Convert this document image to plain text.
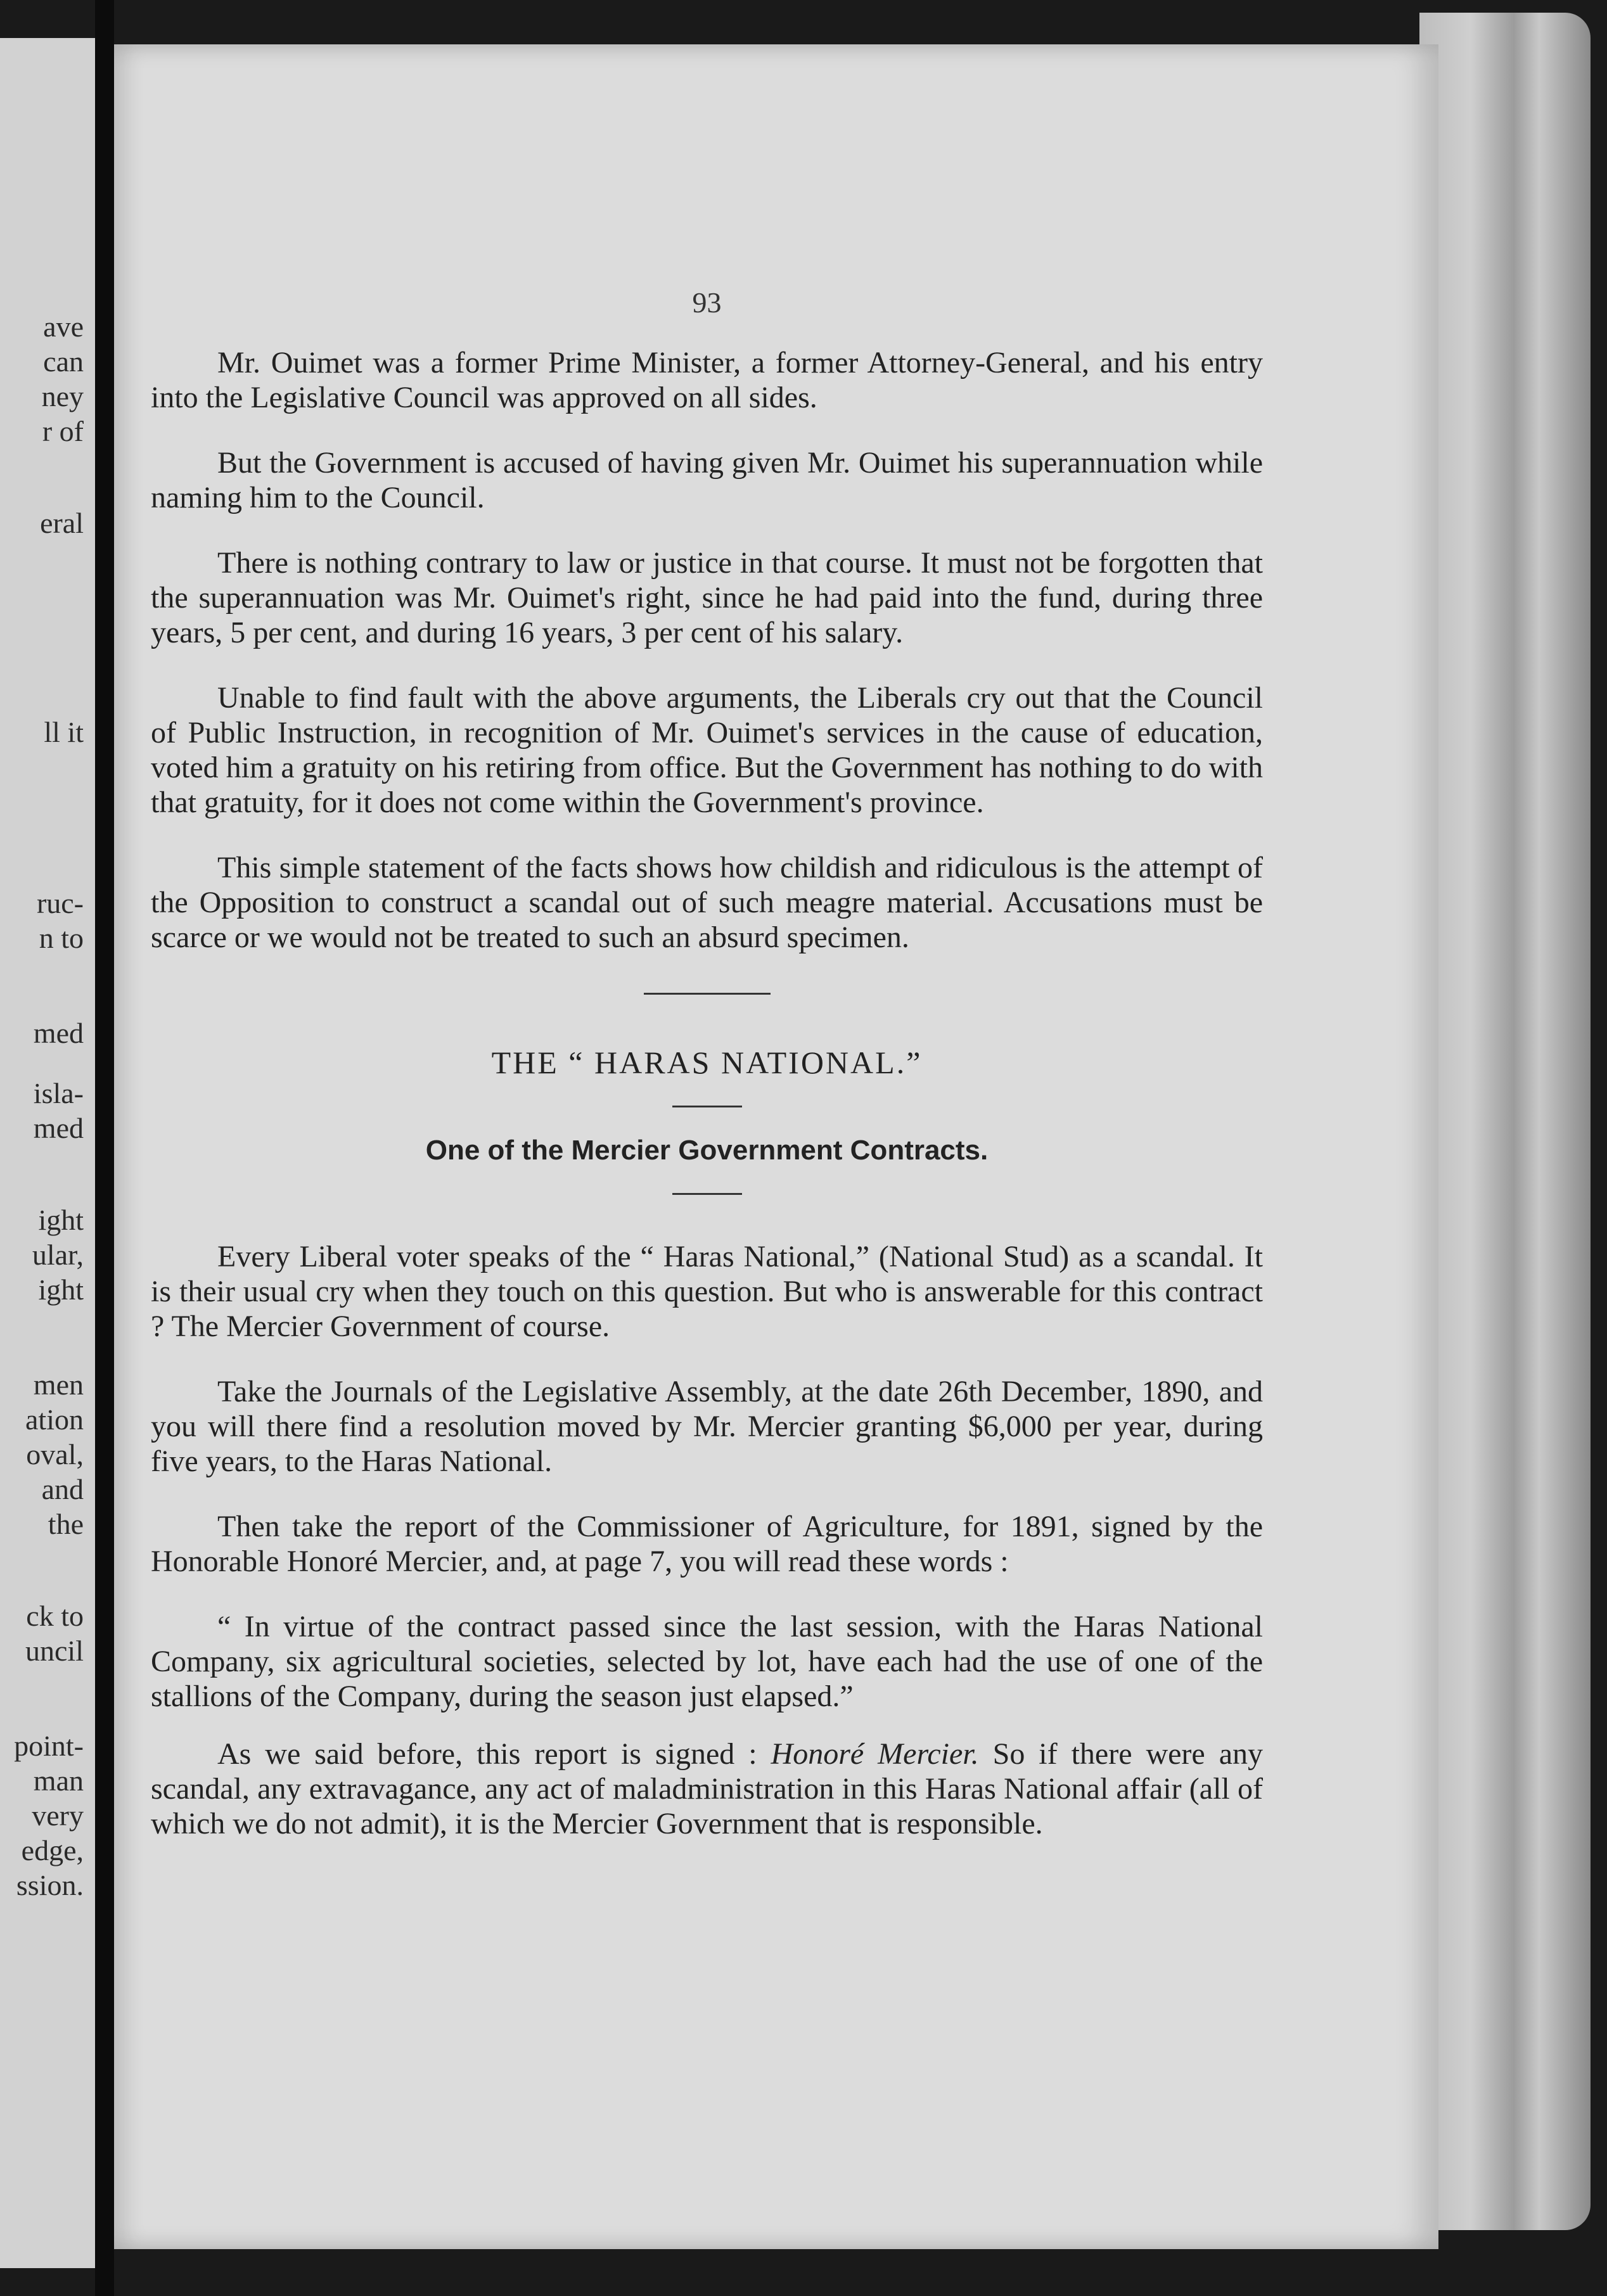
ave
can
ney
r of
eral
ll it
ruc-
n to
med
isla-
med
ight
ular,
ight
men
ation
oval,
and
the
ck to
uncil
point-
man
very
edge,
ssion.
93

Mr. Ouimet was a former Prime Minister, a former Attorney-General, and his entry into the Legislative Council was approved on all sides.

But the Government is accused of having given Mr. Ouimet his superannuation while naming him to the Council.

There is nothing contrary to law or justice in that course. It must not be forgotten that the superannuation was Mr. Ouimet's right, since he had paid into the fund, during three years, 5 per cent, and during 16 years, 3 per cent of his salary.

Unable to find fault with the above arguments, the Liberals cry out that the Council of Public Instruction, in recognition of Mr. Ouimet's services in the cause of education, voted him a gratuity on his retiring from office. But the Government has nothing to do with that gratuity, for it does not come within the Government's province.

This simple statement of the facts shows how childish and ridiculous is the attempt of the Opposition to construct a scandal out of such meagre material. Accusations must be scarce or we would not be treated to such an absurd specimen.

THE “ HARAS NATIONAL.”
One of the Mercier Government Contracts.

Every Liberal voter speaks of the “ Haras National,” (National Stud) as a scandal. It is their usual cry when they touch on this question. But who is answerable for this contract ? The Mercier Government of course.

Take the Journals of the Legislative Assembly, at the date 26th December, 1890, and you will there find a resolution moved by Mr. Mercier granting $6,000 per year, during five years, to the Haras National.

Then take the report of the Commissioner of Agriculture, for 1891, signed by the Honorable Honoré Mercier, and, at page 7, you will read these words :

“ In virtue of the contract passed since the last session, with the Haras National Company, six agricultural societies, selected by lot, have each had the use of one of the stallions of the Company, during the season just elapsed.”

As we said before, this report is signed : Honoré Mercier. So if there were any scandal, any extravagance, any act of maladministration in this Haras National affair (all of which we do not admit), it is the Mercier Government that is responsible.
